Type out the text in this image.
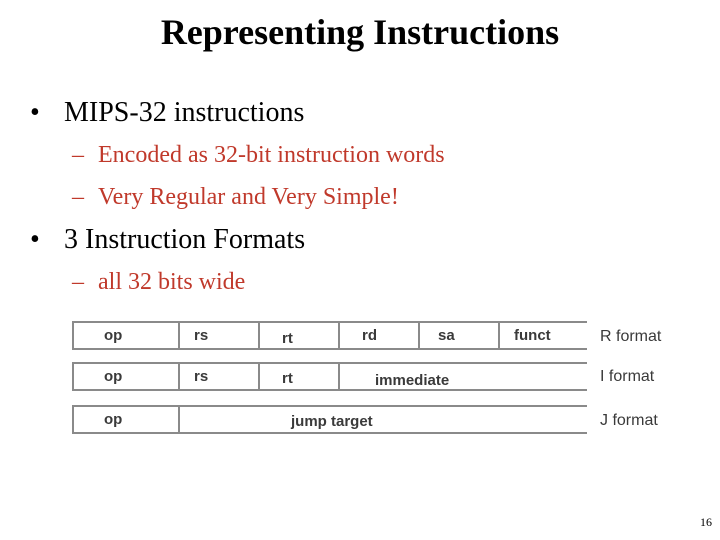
Representing Instructions
• MIPS-32 instructions
– Encoded as 32-bit instruction words
– Very Regular and Very Simple!
• 3 Instruction Formats
– all 32 bits wide
op	rs	rt	rd	sa	funct	R format
op	rs	rt	immediate	I format
op	jump target	J format
16
